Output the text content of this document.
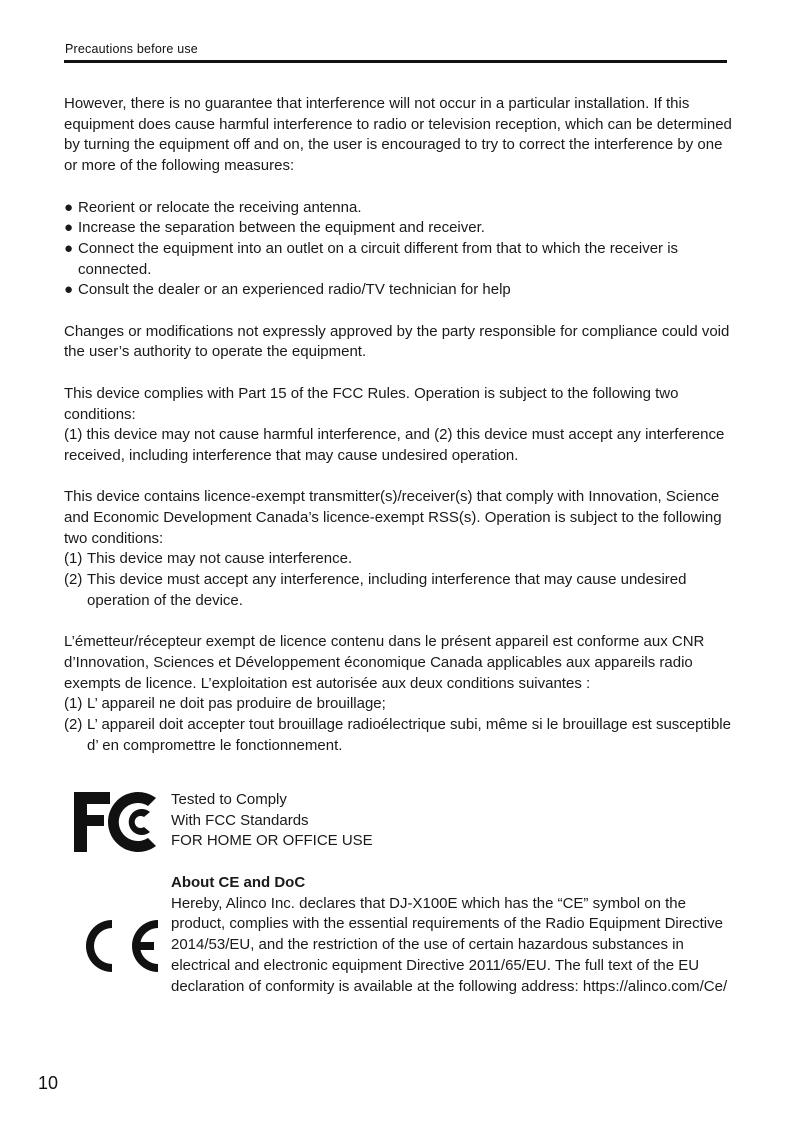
Precautions before use

However, there is no guarantee that interference will not occur in a particular installation. If this equipment does cause harmful interference to radio or television reception, which can be determined by turning the equipment off and on, the user is encouraged to try to correct the interference by one or more of the following measures:

● Reorient or relocate the receiving antenna.
● Increase the separation between the equipment and receiver.
● Connect the equipment into an outlet on a circuit different from that to which the receiver is connected.
● Consult the dealer or an experienced radio/TV technician for help

Changes or modifications not expressly approved by the party responsible for compliance could void the user’s authority to operate the equipment.

This device complies with Part 15 of the FCC Rules. Operation is subject to the following two conditions:

(1) this device may not cause harmful interference, and (2) this device must accept any interference received, including interference that may cause undesired operation.

This device contains licence-exempt transmitter(s)/receiver(s) that comply with Innovation, Science and Economic Development Canada’s licence-exempt RSS(s). Operation is subject to the following two conditions:

(1) This device may not cause interference.
(2) This device must accept any interference, including interference that may cause undesired operation of the device.

L’émetteur/récepteur exempt de licence contenu dans le présent appareil est conforme aux CNR d’Innovation, Sciences et Développement économique Canada applicables aux appareils radio exempts de licence. L’exploitation est autorisée aux deux conditions suivantes :

(1) L’ appareil ne doit pas produire de brouillage;
(2) L’ appareil doit accepter tout brouillage radioélectrique subi, même si le brouillage est susceptible d’ en compromettre le fonctionnement.
Tested to Comply
With FCC Standards
FOR HOME OR OFFICE USE
About CE and DoC
Hereby, Alinco Inc. declares that DJ-X100E which has the “CE” symbol on the product, complies with the essential requirements of the Radio Equipment Directive 2014/53/EU, and the restriction of the use of certain hazardous substances in electrical and electronic equipment Directive 2011/65/EU. The full text of the EU declaration of conformity is available at the following address: https://alinco.com/Ce/
10
